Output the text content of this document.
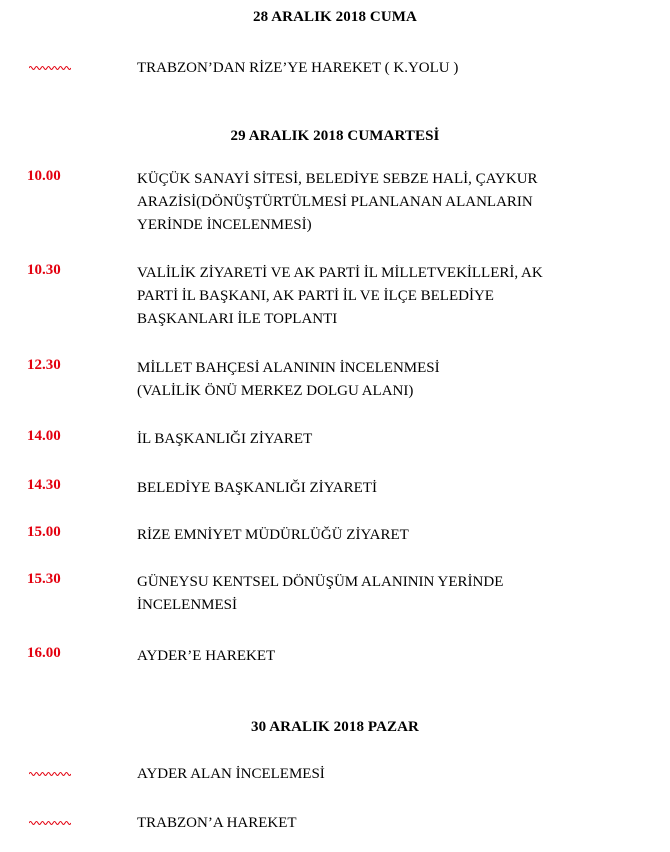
28 ARALIK 2018 CUMA
29 ARALIK 2018 CUMARTESİ
30 ARALIK 2018 PAZAR
TRABZON’DAN RİZE’YE HAREKET ( K.YOLU )
10.00	KÜÇÜK SANAYİ SİTESİ, BELEDİYE SEBZE HALİ, ÇAYKUR
ARAZİSİ(DÖNÜŞTÜRTÜLMESİ PLANLANAN ALANLARIN
YERİNDE İNCELENMESİ)
10.30	VALİLİK ZİYARETİ VE AK PARTİ İL MİLLETVEKİLLERİ, AK
PARTİ İL BAŞKANI, AK PARTİ İL VE İLÇE BELEDİYE
BAŞKANLARI İLE TOPLANTI
12.30	MİLLET BAHÇESİ ALANININ İNCELENMESİ
(VALİLİK ÖNÜ MERKEZ DOLGU ALANI)
14.00	İL BAŞKANLIĞI ZİYARET
14.30	BELEDİYE BAŞKANLIĞI ZİYARETİ
15.00	RİZE EMNİYET MÜDÜRLÜĞÜ ZİYARET
15.30	GÜNEYSU KENTSEL DÖNÜŞÜM ALANININ YERİNDE
İNCELENMESİ
16.00	AYDER’E HAREKET
AYDER ALAN İNCELEMESİ
TRABZON’A HAREKET
